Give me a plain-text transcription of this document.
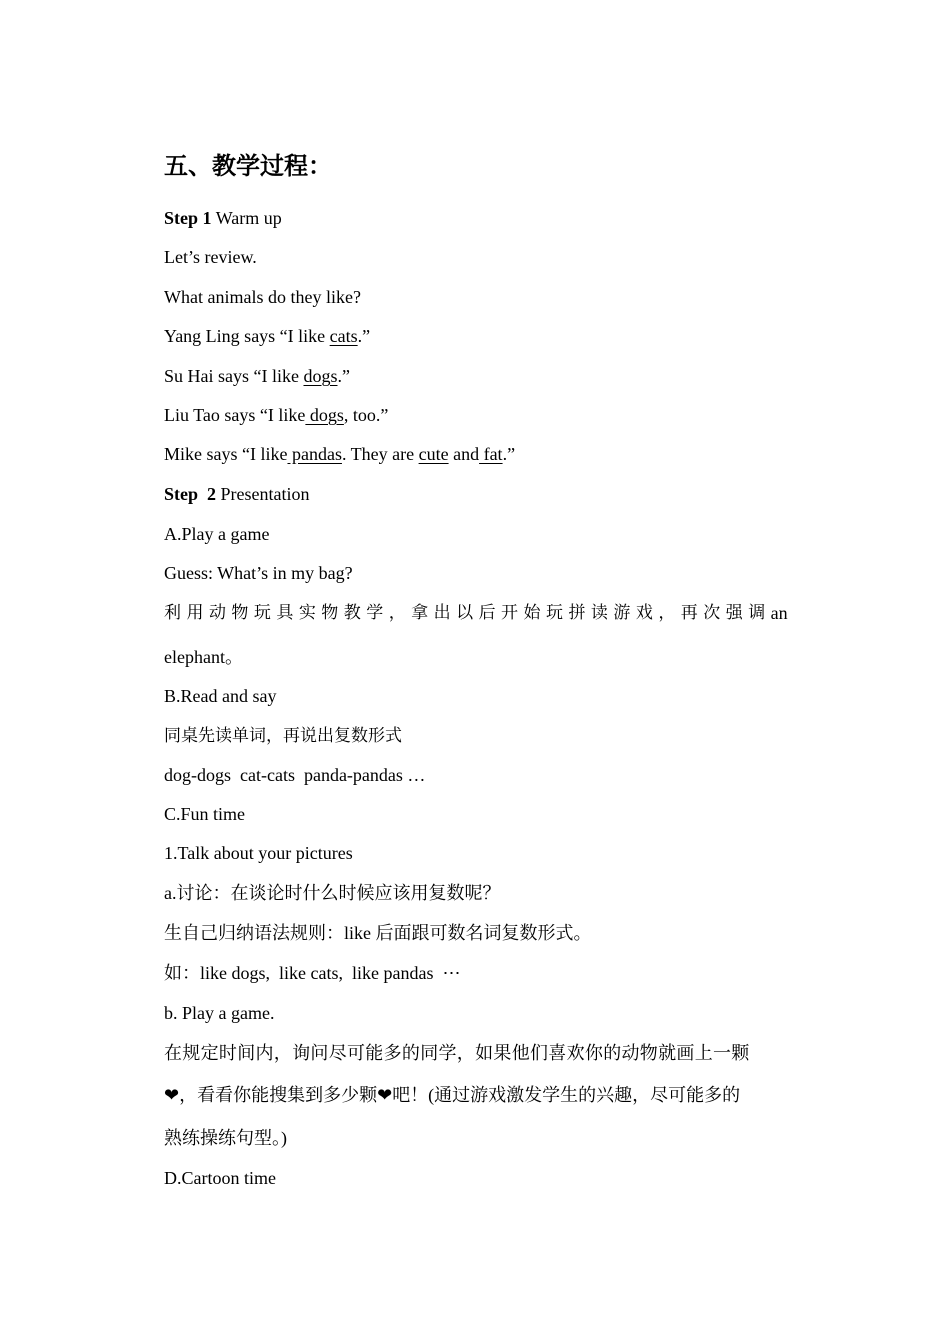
五、教学过程：
Step 1 Warm up
Let’s review.
What animals do they like?
Yang Ling says “I like cats.”
Su Hai says “I like dogs.”
Liu Tao says “I like dogs, too.”
Mike says “I like pandas. They are cute and fat.”
Step  2 Presentation
A.Play a game
Guess: What’s in my bag?
利 用 动 物 玩 具 实 物 教 学 ， 拿 出 以 后 开 始 玩 拼 读 游 戏 ， 再 次 强 调 an
elephant。
B.Read and say
同桌先读单词，再说出复数形式
dog-dogs  cat-cats  panda-pandas …
C.Fun time
1.Talk about your pictures
a.讨论：在谈论时什么时候应该用复数呢？
生自己归纳语法规则：like 后面跟可数名词复数形式。
如：like dogs,  like cats,  like pandas  ⋯
b. Play a game.
在规定时间内，询问尽可能多的同学，如果他们喜欢你的动物就画上一颗
❤，看看你能搜集到多少颗❤吧！(通过游戏激发学生的兴趣，尽可能多的
熟练操练句型。)
D.Cartoon time
